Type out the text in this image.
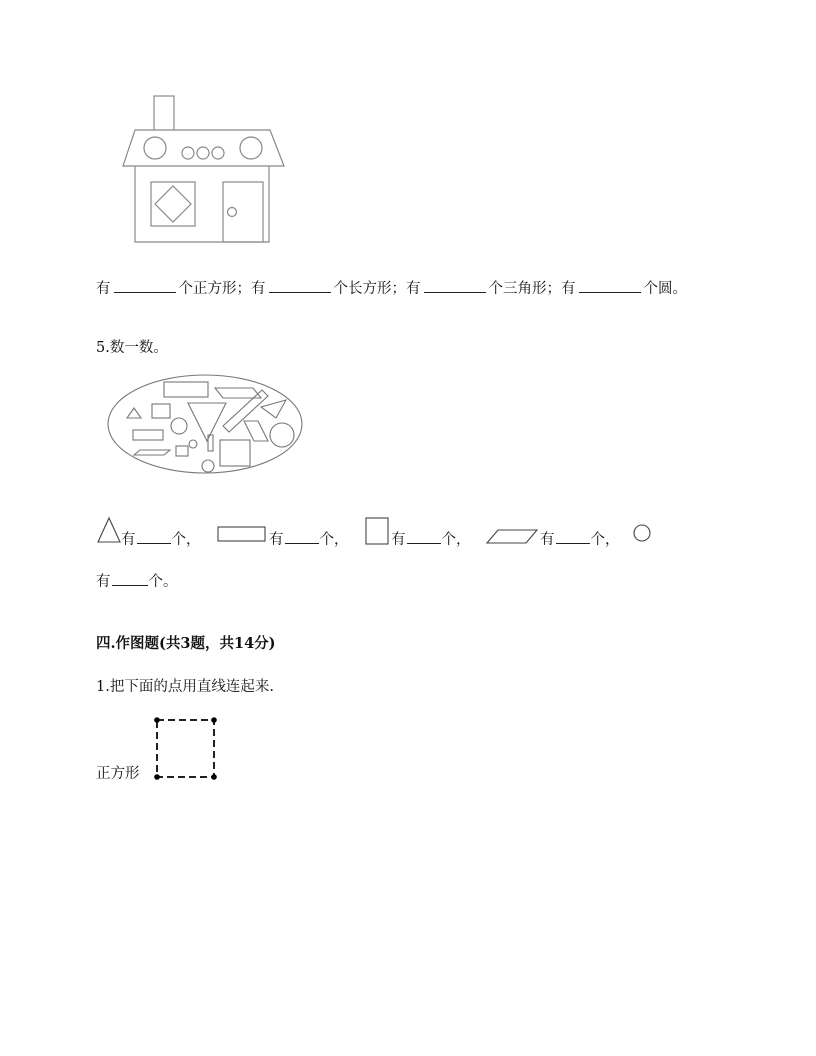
有	个正方形；有	个长方形；有	个三角形；有	个圆。
5.数一数。
有 个，	有 个，	有 个，	有 个，
有	个。
四.作图题(共3题，共14分)
1.把下面的点用直线连起来.
正方形
